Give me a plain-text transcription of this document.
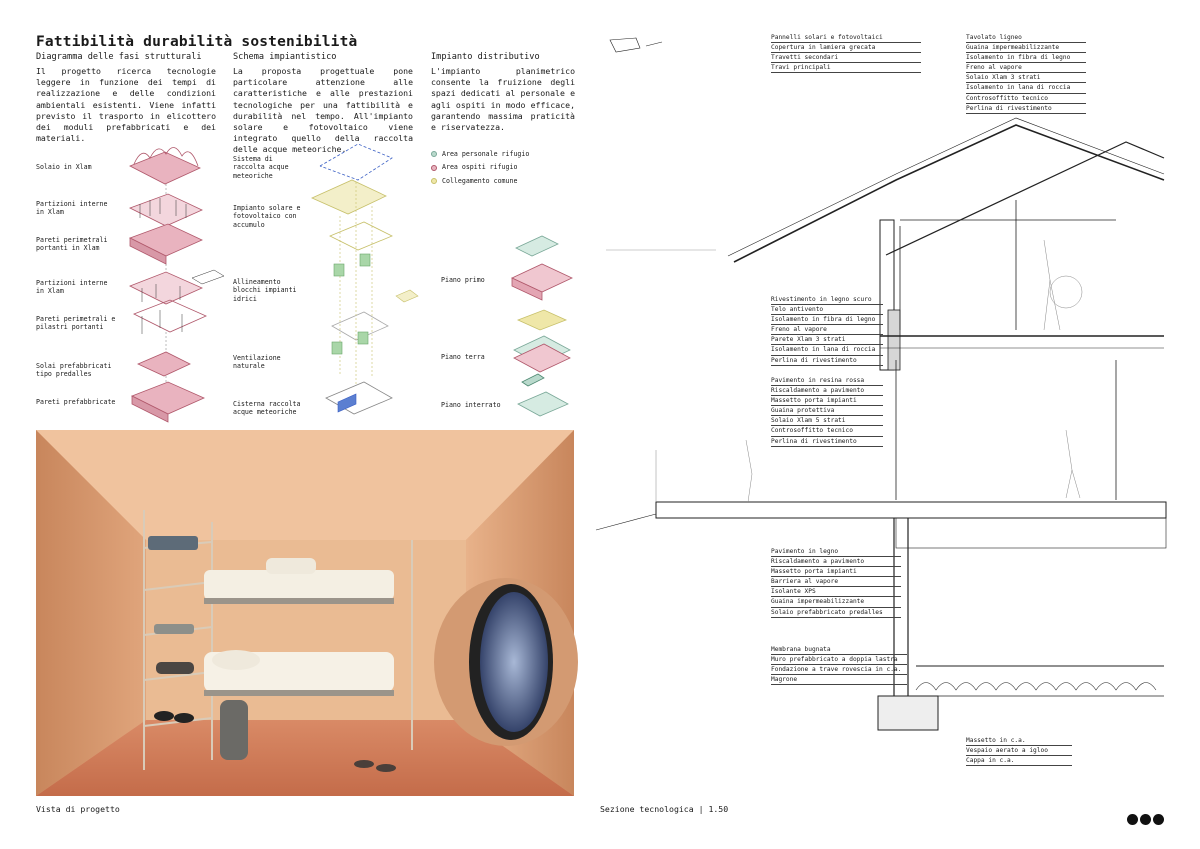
Fattibilità durabilità sostenibilità
Diagramma delle fasi strutturali
Il progetto ricerca tecnologie leggere in funzione dei tempi di realizzazione e delle condizioni ambientali esistenti. Viene infatti previsto il trasporto in elicottero dei moduli prefabbricati e dei materiali.
Schema impiantistico
La proposta progettuale pone particolare attenzione alle caratteristiche e alle prestazioni tecnologiche per una fattibilità e durabilità nel tempo. All'impianto solare e fotovoltaico viene integrato quello della raccolta delle acque meteoriche.
Impianto distributivo
L'impianto planimetrico consente la fruizione degli spazi dedicati al personale e agli ospiti in modo efficace, garantendo massima praticità e riservatezza.
Solaio in Xlam
Partizioni interne in Xlam
Pareti perimetrali portanti in Xlam
Partizioni interne in Xlam
Pareti perimetrali e pilastri portanti
Solai prefabbricati tipo predalles
Pareti prefabbricate
Sistema di raccolta acque meteoriche
Impianto solare e fotovoltaico con accumulo
Allineamento blocchi impianti idrici
Ventilazione naturale
Cisterna raccolta acque meteoriche
Area personale rifugio
Area ospiti rifugio
Collegamento comune
Piano primo
Piano terra
Piano interrato
Vista di progetto	Sezione tecnologica | 1.50
Pannelli solari e fotovoltaici
Copertura in lamiera grecata
Travetti secondari
Travi principali
Tavolato ligneo
Guaina impermeabilizzante
Isolamento in fibra di legno
Freno al vapore
Solaio Xlam 3 strati
Isolamento in lana di roccia
Controsoffitto tecnico
Perlina di rivestimento
Rivestimento in legno scuro
Telo antivento
Isolamento in fibra di legno
Freno al vapore
Parete Xlam 3 strati
Isolamento in lana di roccia
Perlina di rivestimento
Pavimento in resina rossa
Riscaldamento a pavimento
Massetto porta impianti
Guaina protettiva
Solaio Xlam 5 strati
Controsoffitto tecnico
Perlina di rivestimento
Pavimento in legno
Riscaldamento a pavimento
Massetto porta impianti
Barriera al vapore
Isolante XPS
Guaina impermeabilizzante
Solaio prefabbricato predalles
Membrana bugnata
Muro prefabbricato a doppia lastra
Fondazione a trave rovescia in c.a.
Magrone
Massetto in c.a.
Vespaio aerato a igloo
Cappa in c.a.
